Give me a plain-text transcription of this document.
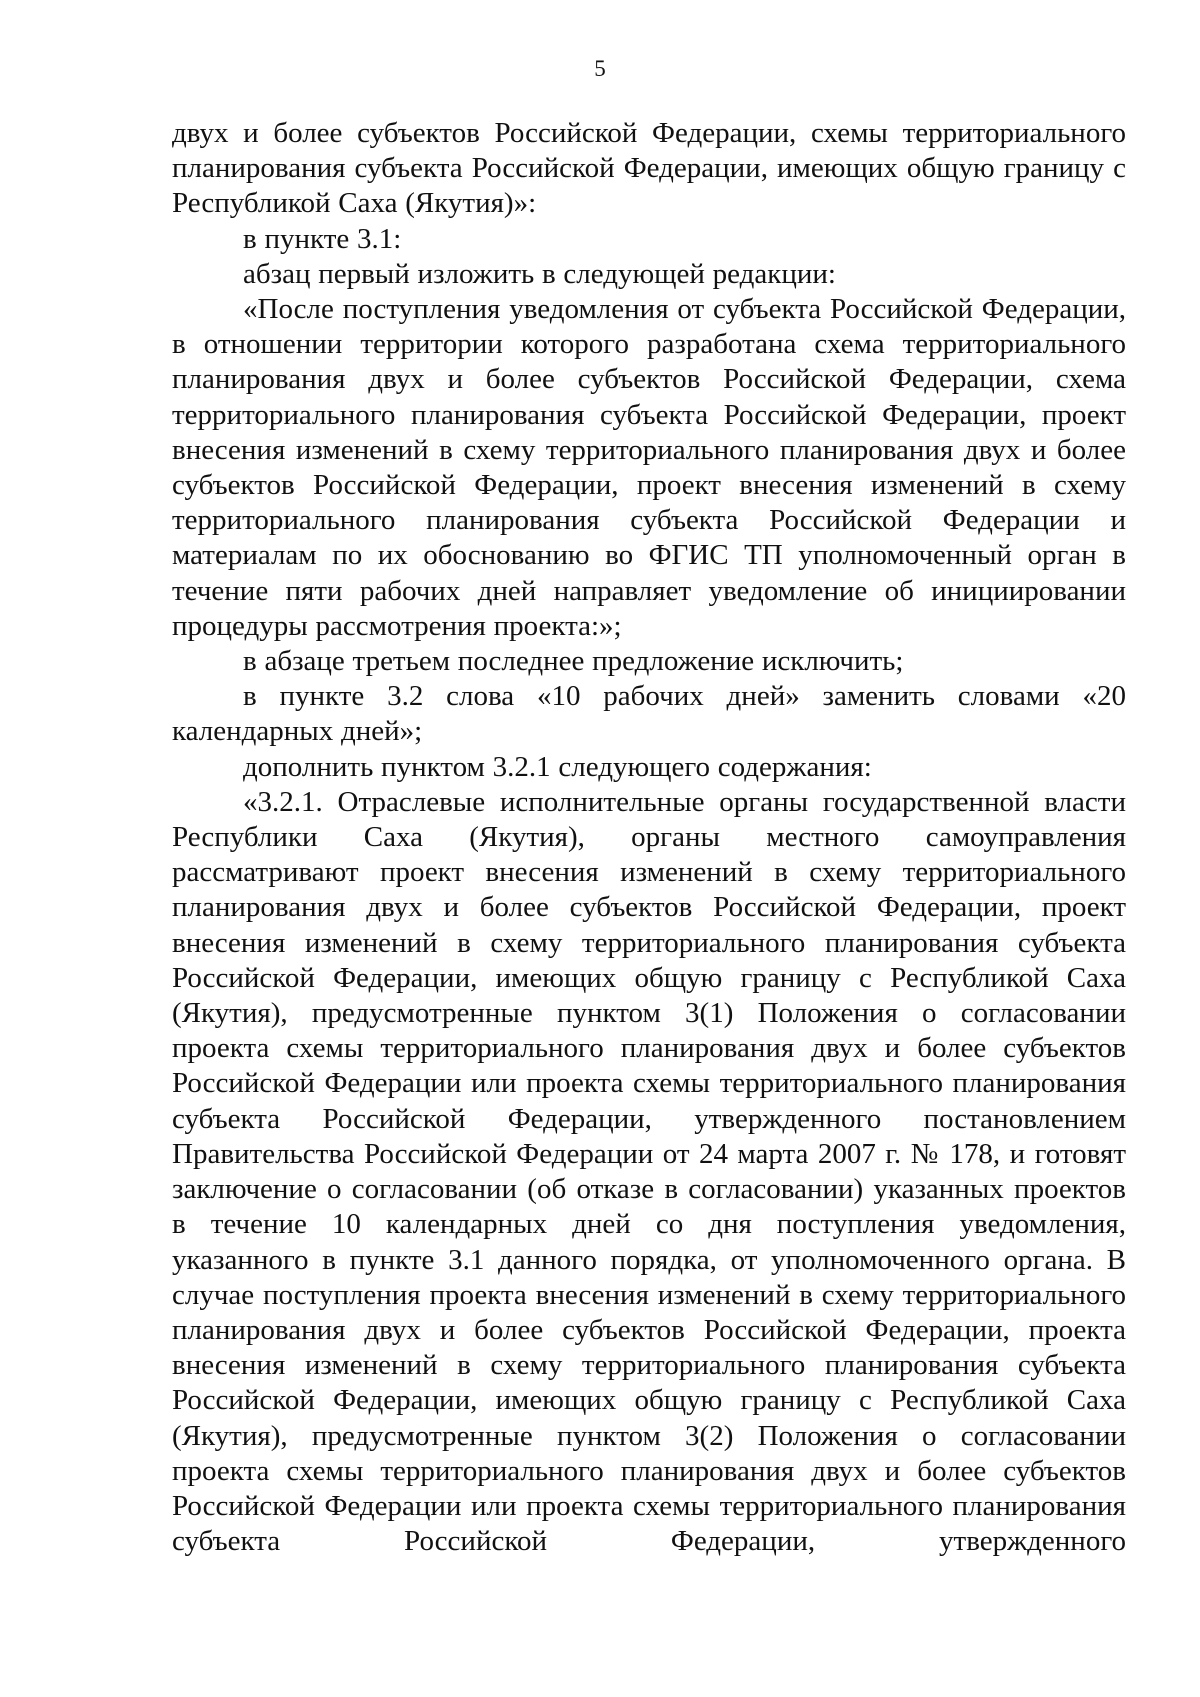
5

двух и более субъектов Российской Федерации, схемы территориального планирования субъекта Российской Федерации, имеющих общую границу с Республикой Саха (Якутия)»:

в пункте 3.1:

абзац первый изложить в следующей редакции:

«После поступления уведомления от субъекта Российской Федерации, в отношении территории которого разработана схема территориального планирования двух и более субъектов Российской Федерации, схема территориального планирования субъекта Российской Федерации, проект внесения изменений в схему территориального планирования двух и более субъектов Российской Федерации, проект внесения изменений в схему территориального планирования субъекта Российской Федерации и материалам по их обоснованию во ФГИС ТП уполномоченный орган в течение пяти рабочих дней направляет уведомление об инициировании процедуры рассмотрения проекта:»;

в абзаце третьем последнее предложение исключить;

в пункте 3.2 слова «10 рабочих дней» заменить словами «20 календарных дней»;

дополнить пунктом 3.2.1 следующего содержания:

«3.2.1. Отраслевые исполнительные органы государственной власти Республики Саха (Якутия), органы местного самоуправления рассматривают проект внесения изменений в схему территориального планирования двух и более субъектов Российской Федерации, проект внесения изменений в схему территориального планирования субъекта Российской Федерации, имеющих общую границу с Республикой Саха (Якутия), предусмотренные пунктом 3(1) Положения о согласовании проекта схемы территориального планирования двух и более субъектов Российской Федерации или проекта схемы территориального планирования субъекта Российской Федерации, утвержденного постановлением Правительства Российской Федерации от 24 марта 2007 г. № 178, и готовят заключение о согласовании (об отказе в согласовании) указанных проектов в течение 10 календарных дней со дня поступления уведомления, указанного в пункте 3.1 данного порядка, от уполномоченного органа. В случае поступления проекта внесения изменений в схему территориального планирования двух и более субъектов Российской Федерации, проекта внесения изменений в схему территориального планирования субъекта Российской Федерации, имеющих общую границу с Республикой Саха (Якутия), предусмотренные пунктом 3(2) Положения о согласовании проекта схемы территориального планирования двух и более субъектов Российской Федерации или проекта схемы территориального планирования субъекта Российской Федерации, утвержденного
